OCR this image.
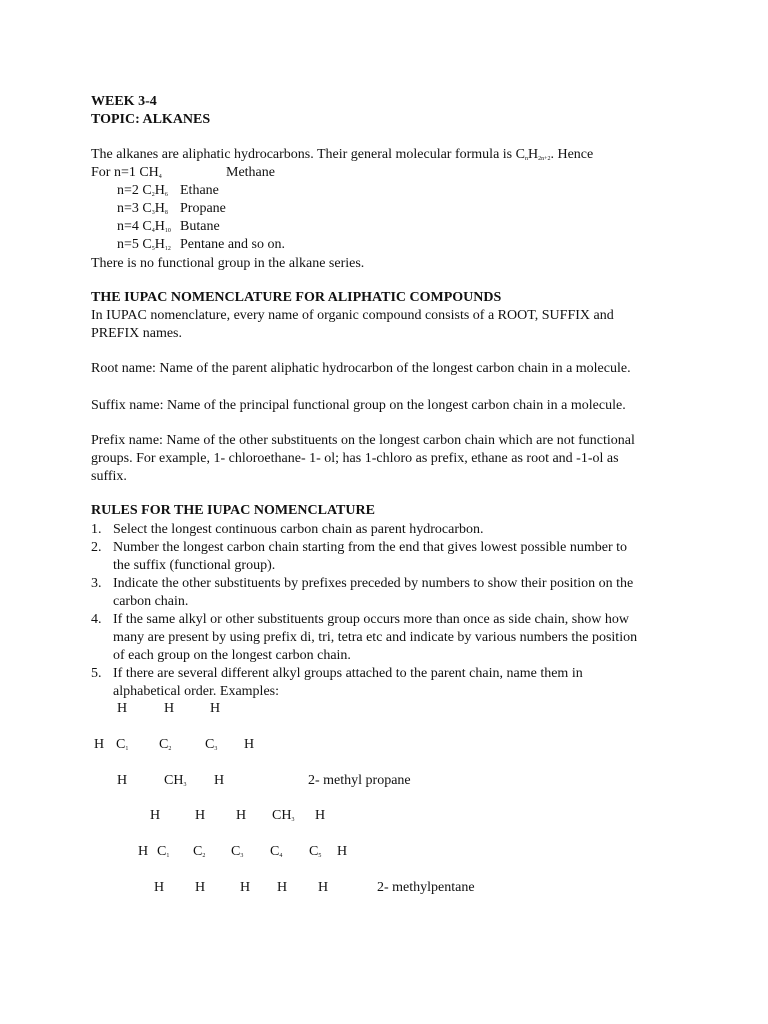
WEEK 3-4
TOPIC: ALKANES
The alkanes are aliphatic hydrocarbons. Their general molecular formula is $C_nH_{2n+2}$. Hence
For n=1 $CH_4$	Methane
n=2 $C_2H_6$ Ethane
n=3 $C_3H_8$ Propane
n=4 $C_4H_{10}$ Butane
n=5 $C_5H_{12}$ Pentane and so on.
There is no functional group in the alkane series.
THE IUPAC NOMENCLATURE FOR ALIPHATIC COMPOUNDS
In IUPAC nomenclature, every name of organic compound consists of a ROOT, SUFFIX and
PREFIX names.
Root name: Name of the parent aliphatic hydrocarbon of the longest carbon chain in a molecule.
Suffix name: Name of the principal functional group on the longest carbon chain in a molecule.
Prefix name: Name of the other substituents on the longest carbon chain which are not functional
groups. For example, 1- chloroethane- 1- ol; has 1-chloro as prefix, ethane as root and -1-ol as
suffix.
RULES FOR THE IUPAC NOMENCLATURE
1. Select the longest continuous carbon chain as parent hydrocarbon.
2. Number the longest carbon chain starting from the end that gives lowest possible number to
the suffix (functional group).
3. Indicate the other substituents by prefixes preceded by numbers to show their position on the
carbon chain.
4. If the same alkyl or other substituents group occurs more than once as side chain, show how
many are present by using prefix di, tri, tetra etc and indicate by various numbers the position
of each group on the longest carbon chain.
5. If there are several different alkyl groups attached to the parent chain, name them in
alphabetical order. Examples:
H	H	H
H $C_1$ $C_2$ $C_3$ H
H	$CH_3$ H	2- methyl propane
H H H $CH_3$ H
H $C_1$ $C_2$ $C_3$ $C_4$ $C_5$ H
H H H H H	2- methylpentane
